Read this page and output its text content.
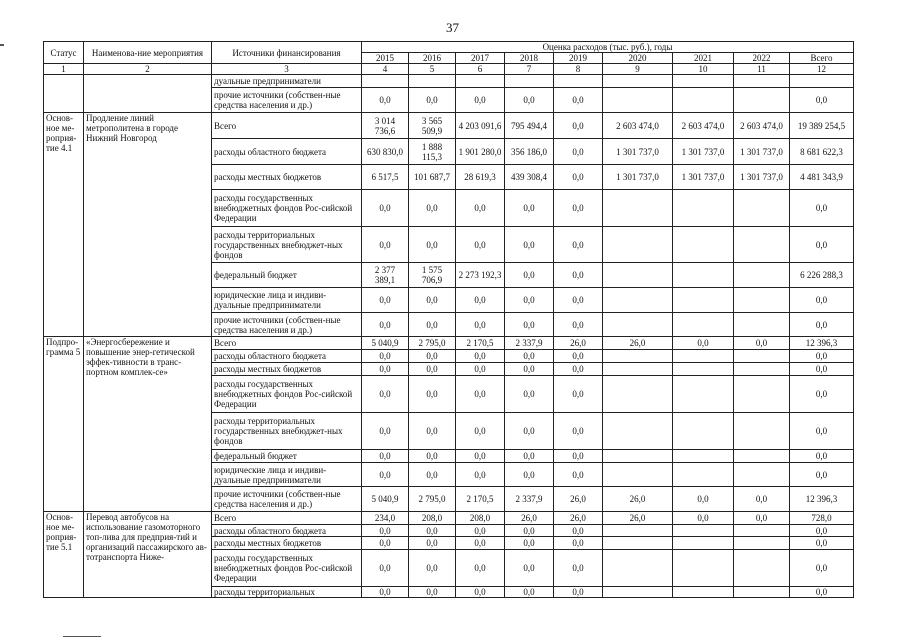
37
Статус	Наименова-ние мероприятия	Источники финансирования	Оценка расходов (тыс. руб.), годы								
			2015	2016	2017	2018	2019	2020	2021	2022	Всего
1	2	3	4	5	6	7	8	9	10	11	12
		дуальные предприниматели									
		прочие источники (собствен-ные средства населения и др.)	0,0	0,0	0,0	0,0	0,0				0,0
Основ-ное ме-роприя-тие 4.1	Продление линий метрополитена в городе Нижний Новгород	Всего	3 014 736,6	3 565 509,9	4 203 091,6	795 494,4	0,0	2 603 474,0	2 603 474,0	2 603 474,0	19 389 254,5
		расходы областного бюджета	630 830,0	1 888 115,3	1 901 280,0	356 186,0	0,0	1 301 737,0	1 301 737,0	1 301 737,0	8 681 622,3
		расходы местных бюджетов	6 517,5	101 687,7	28 619,3	439 308,4	0,0	1 301 737,0	1 301 737,0	1 301 737,0	4 481 343,9
		расходы государственных внебюджетных фондов Рос-сийской Федерации	0,0	0,0	0,0	0,0	0,0				0,0
		расходы территориальных государственных внебюджет-ных фондов	0,0	0,0	0,0	0,0	0,0				0,0
		федеральный бюджет	2 377 389,1	1 575 706,9	2 273 192,3	0,0	0,0				6 226 288,3
		юридические лица и индиви-дуальные предприниматели	0,0	0,0	0,0	0,0	0,0				0,0
		прочие источники (собствен-ные средства населения и др.)	0,0	0,0	0,0	0,0	0,0				0,0
Подпро-грамма 5	«Энергосбережение и повышение энер-гетической эффек-тивности в транс-портном комплек-се»	Всего	5 040,9	2 795,0	2 170,5	2 337,9	26,0	26,0	0,0	0,0	12 396,3
		расходы областного бюджета	0,0	0,0	0,0	0,0	0,0				0,0
		расходы местных бюджетов	0,0	0,0	0,0	0,0	0,0				0,0
		расходы государственных внебюджетных фондов Рос-сийской Федерации	0,0	0,0	0,0	0,0	0,0				0,0
		расходы территориальных государственных внебюджет-ных фондов	0,0	0,0	0,0	0,0	0,0				0,0
		федеральный бюджет	0,0	0,0	0,0	0,0	0,0				0,0
		юридические лица и индиви-дуальные предприниматели	0,0	0,0	0,0	0,0	0,0				0,0
		прочие источники (собствен-ные средства населения и др.)	5 040,9	2 795,0	2 170,5	2 337,9	26,0	26,0	0,0	0,0	12 396,3
Основ-ное ме-роприя-тие 5.1	Перевод автобусов на использование газомоторного топ-лива для предприя-тий и организаций пассажирского ав-тотранспорта Ниже-	Всего	234,0	208,0	208,0	26,0	26,0	26,0	0,0	0,0	728,0
		расходы областного бюджета	0,0	0,0	0,0	0,0	0,0				0,0
		расходы местных бюджетов	0,0	0,0	0,0	0,0	0,0				0,0
		расходы государственных внебюджетных фондов Рос-сийской Федерации	0,0	0,0	0,0	0,0	0,0				0,0
		расходы территориальных	0,0	0,0	0,0	0,0	0,0				0,0
